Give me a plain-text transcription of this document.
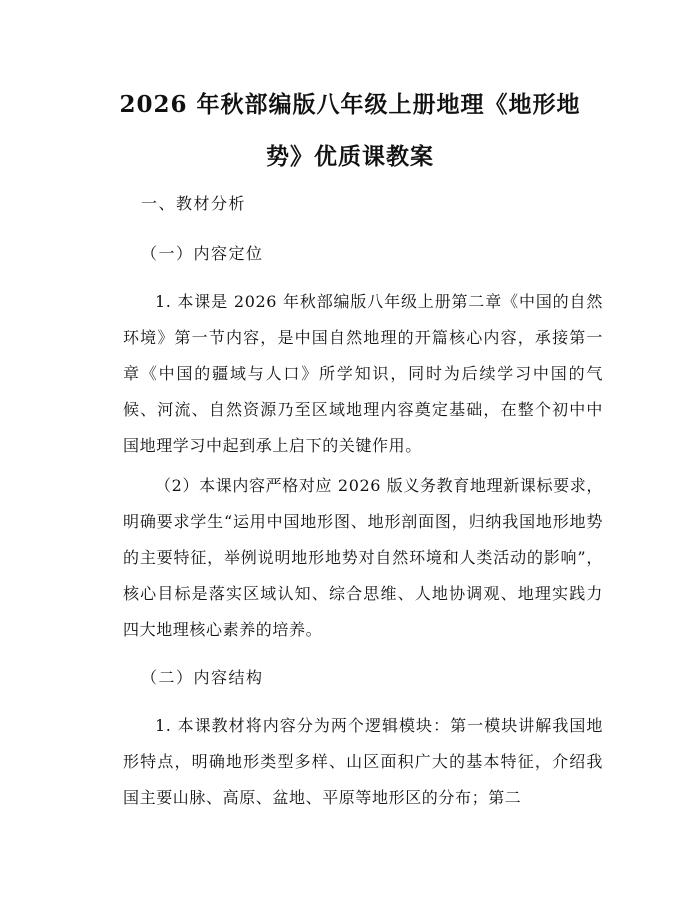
2026 年秋部编版八年级上册地理《地形地
势》优质课教案
一、教材分析
（一）内容定位
1. 本课是 2026 年秋部编版八年级上册第二章《中国的自然环境》第一节内容，是中国自然地理的开篇核心内容，承接第一章《中国的疆域与人口》所学知识，同时为后续学习中国的气候、河流、自然资源乃至区域地理内容奠定基础，在整个初中中国地理学习中起到承上启下的关键作用。
（2）本课内容严格对应 2026 版义务教育地理新课标要求，明确要求学生“运用中国地形图、地形剖面图，归纳我国地形地势的主要特征，举例说明地形地势对自然环境和人类活动的影响”，核心目标是落实区域认知、综合思维、人地协调观、地理实践力四大地理核心素养的培养。
（二）内容结构
1. 本课教材将内容分为两个逻辑模块：第一模块讲解我国地形特点，明确地形类型多样、山区面积广大的基本特征，介绍我国主要山脉、高原、盆地、平原等地形区的分布；第二
